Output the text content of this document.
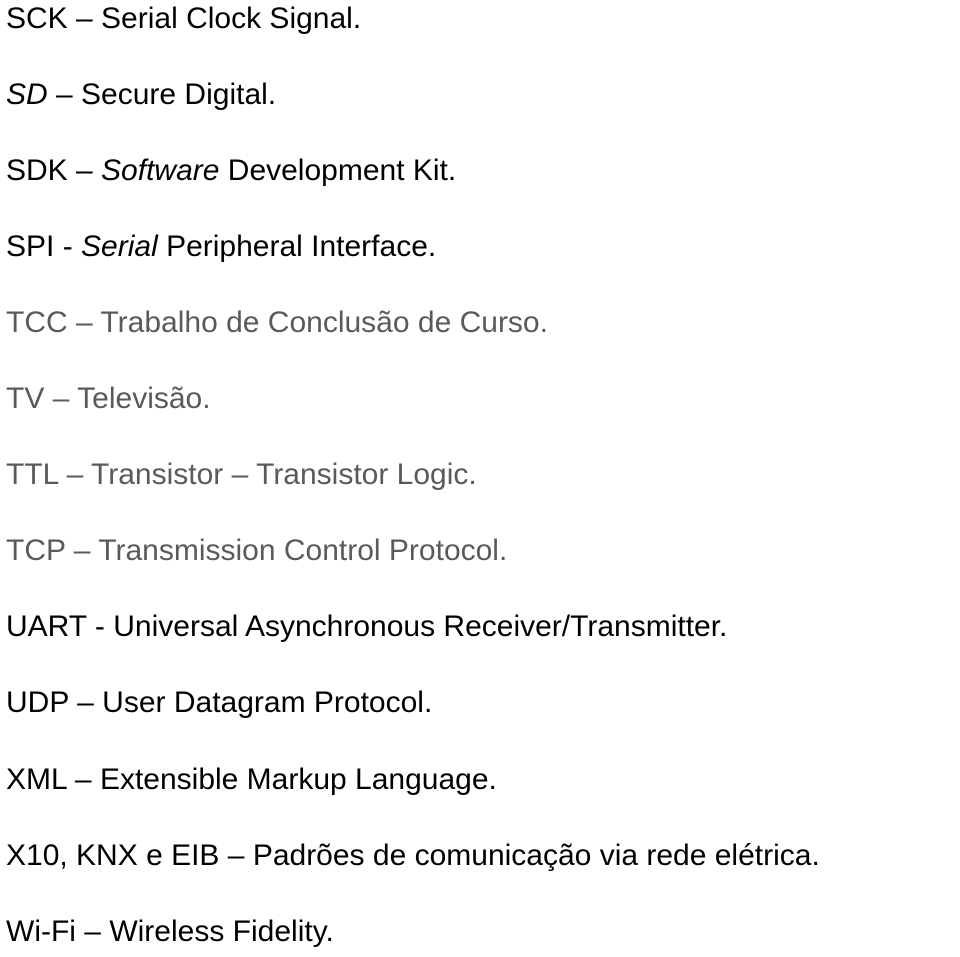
SCK – Serial Clock Signal.
SD – Secure Digital.
SDK – Software Development Kit.
SPI - Serial Peripheral Interface.
TCC – Trabalho de Conclusão de Curso.
TV – Televisão.
TTL – Transistor – Transistor Logic.
TCP – Transmission Control Protocol.
UART - Universal Asynchronous Receiver/Transmitter.
UDP – User Datagram Protocol.
XML – Extensible Markup Language.
X10, KNX e EIB – Padrões de comunicação via rede elétrica.
Wi-Fi – Wireless Fidelity.
